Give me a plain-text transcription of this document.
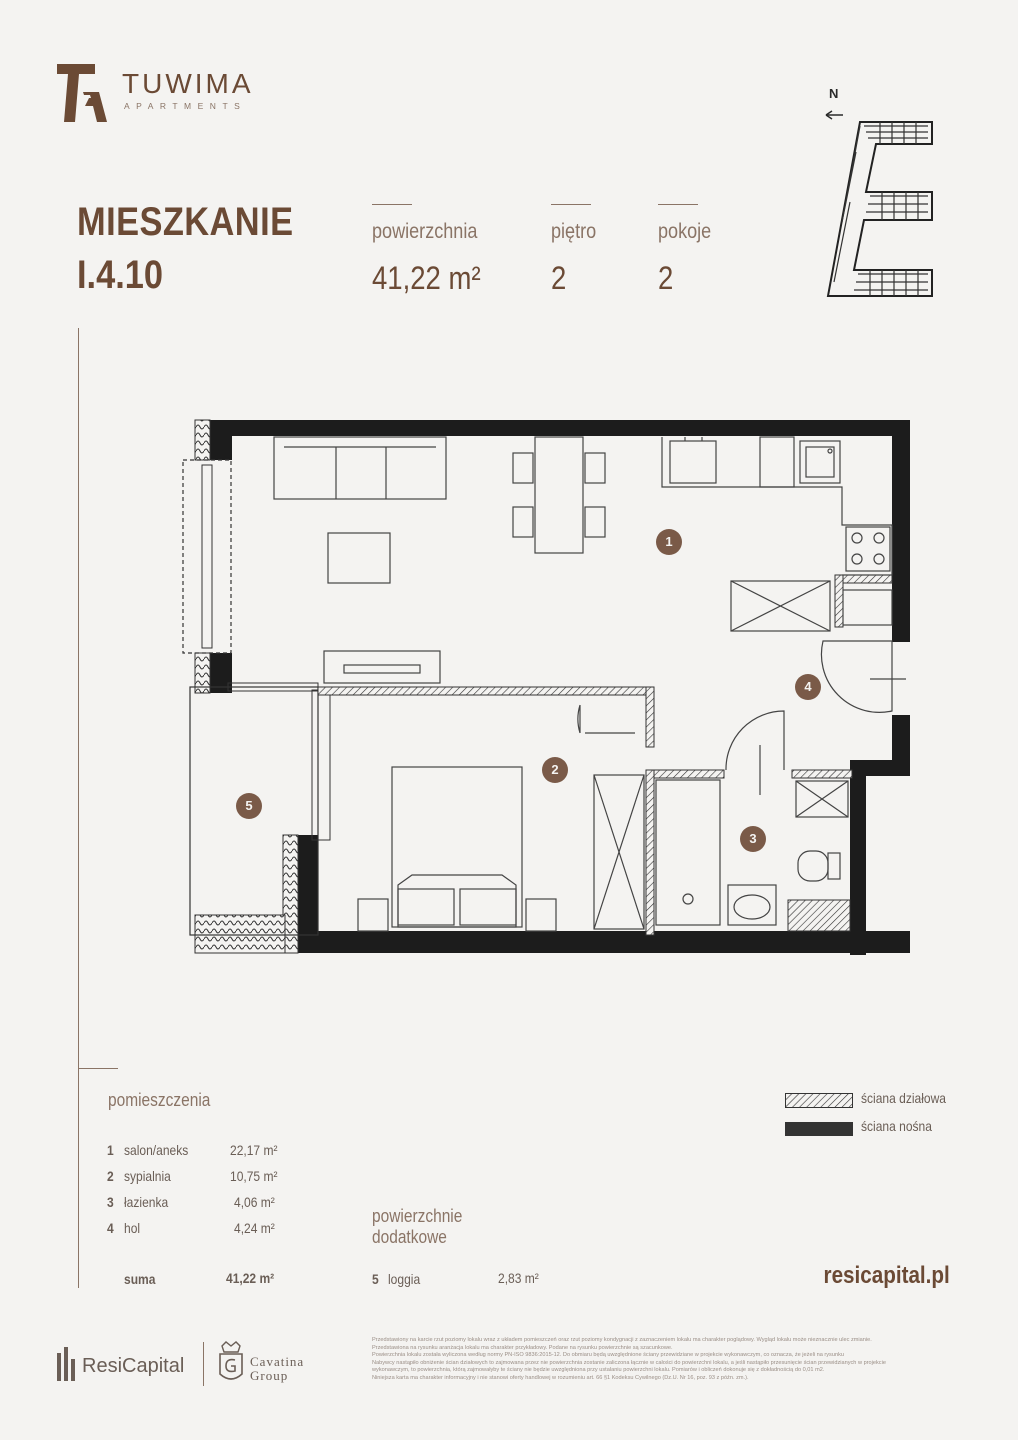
TUWIMA
APARTMENTS
MIESZKANIE
I.4.10
powierzchnia
41,22 m²
piętro
2
pokoje
2
N
1
2
3
4
5
pomieszczenia
1 salon/aneks	22,17 m²
2 sypialnia	10,75 m²
3 łazienka	4,06 m²
4 hol	4,24 m²
suma	41,22 m²
powierzchnie
dodatkowe
5 loggia	2,83 m²
ściana działowa
ściana nośna
resicapital.pl
ResiCapital	Cavatina
Group
Przedstawiony na karcie rzut poziomy lokalu wraz z układem pomieszczeń oraz rzut poziomy kondygnacji z zaznaczeniem lokalu ma charakter poglądowy. Wygląd lokalu może nieznacznie ulec zmianie.
Przedstawiona na rysunku aranżacja lokalu ma charakter przykładowy. Podane na rysunku powierzchnie są szacunkowe.
Powierzchnia lokalu została wyliczona według normy PN-ISO 9836:2015-12. Do obmiaru będą uwzględnione ściany przewidziane w projekcie wykonawczym, co oznacza, że jeżeli na rysunku
Nabywcy nastąpiło obniżenie ścian działowych to zajmowana przez nie powierzchnia zostanie zaliczona łącznie w całości do powierzchni lokalu, a jeśli nastąpiło przesunięcie ścian przewidzianych w projekcie
wykonawczym, to powierzchnia, którą zajmowałyby te ściany nie będzie uwzględniona przy ustalaniu powierzchni lokalu. Pomiarów i obliczeń dokonuje się z dokładnością do 0,01 m2.
Niniejsza karta ma charakter informacyjny i nie stanowi oferty handlowej w rozumieniu art. 66 §1 Kodeksu Cywilnego (Dz.U. Nr 16, poz. 93 z późn. zm.).
